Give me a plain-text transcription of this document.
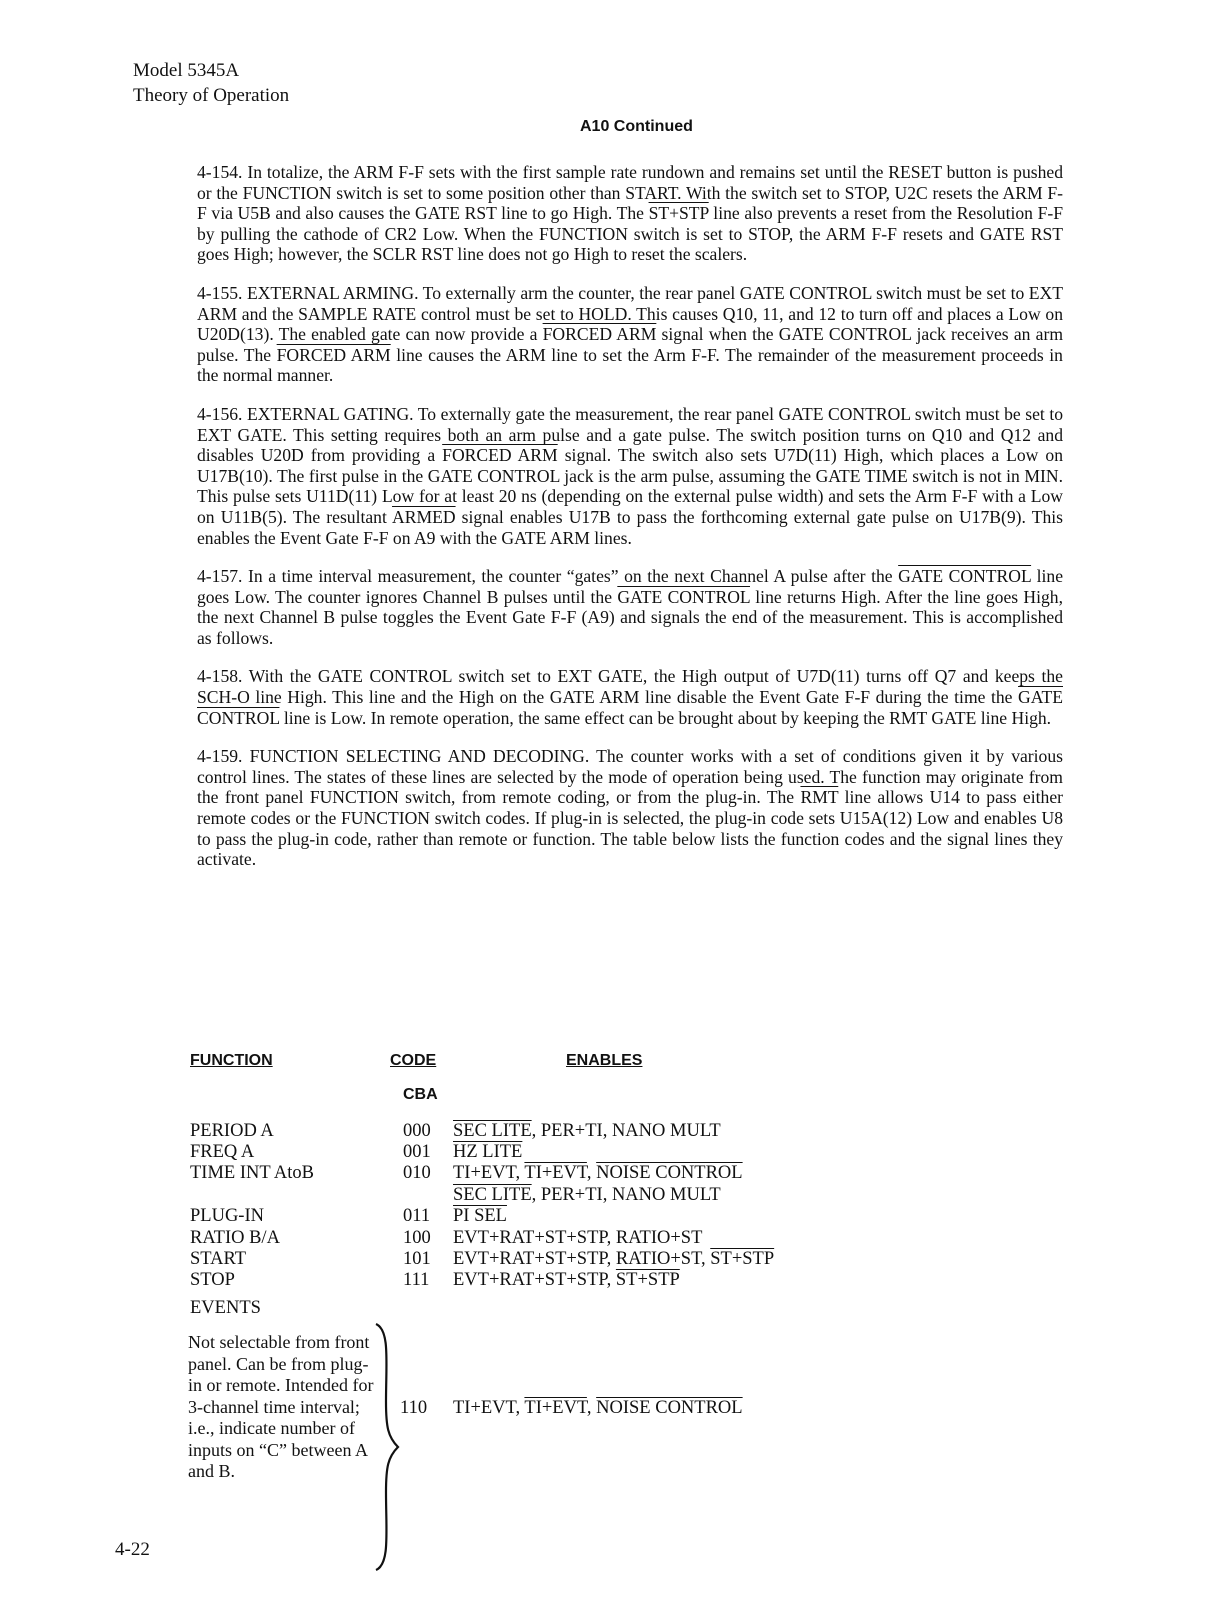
Model 5345A
Theory of Operation
A10 Continued

4-154. In totalize, the ARM F-F sets with the first sample rate rundown and remains set until the RESET button is pushed or the FUNCTION switch is set to some position other than START. With the switch set to STOP, U2C resets the ARM F-F via U5B and also causes the GATE RST line to go High. The ST+STP line also prevents a reset from the Resolution F-F by pulling the cathode of CR2 Low. When the FUNCTION switch is set to STOP, the ARM F-F resets and GATE RST goes High; however, the SCLR RST line does not go High to reset the scalers.

4-155. EXTERNAL ARMING. To externally arm the counter, the rear panel GATE CONTROL switch must be set to EXT ARM and the SAMPLE RATE control must be set to HOLD. This causes Q10, 11, and 12 to turn off and places a Low on U20D(13). The enabled gate can now provide a FORCED ARM signal when the GATE CONTROL jack receives an arm pulse. The FORCED ARM line causes the ARM line to set the Arm F-F. The remainder of the measurement proceeds in the normal manner.

4-156. EXTERNAL GATING. To externally gate the measurement, the rear panel GATE CONTROL switch must be set to EXT GATE. This setting requires both an arm pulse and a gate pulse. The switch position turns on Q10 and Q12 and disables U20D from providing a FORCED ARM signal. The switch also sets U7D(11) High, which places a Low on U17B(10). The first pulse in the GATE CONTROL jack is the arm pulse, assuming the GATE TIME switch is not in MIN. This pulse sets U11D(11) Low for at least 20 ns (depending on the external pulse width) and sets the Arm F-F with a Low on U11B(5). The resultant ARMED signal enables U17B to pass the forthcoming external gate pulse on U17B(9). This enables the Event Gate F-F on A9 with the GATE ARM lines.

4-157. In a time interval measurement, the counter “gates” on the next Channel A pulse after the GATE CONTROL line goes Low. The counter ignores Channel B pulses until the GATE CONTROL line returns High. After the line goes High, the next Channel B pulse toggles the Event Gate F-F (A9) and signals the end of the measurement. This is accomplished as follows.

4-158. With the GATE CONTROL switch set to EXT GATE, the High output of U7D(11) turns off Q7 and keeps the SCH-O line High. This line and the High on the GATE ARM line disable the Event Gate F-F during the time the GATE CONTROL line is Low. In remote operation, the same effect can be brought about by keeping the RMT GATE line High.

4-159. FUNCTION SELECTING AND DECODING. The counter works with a set of conditions given it by various control lines. The states of these lines are selected by the mode of operation being used. The function may originate from the front panel FUNCTION switch, from remote coding, or from the plug-in. The $\overline{RMT}$ line allows U14 to pass either remote codes or the FUNCTION switch codes. If plug-in is selected, the plug-in code sets U15A(12) Low and enables U8 to pass the plug-in code, rather than remote or function. The table below lists the function codes and the signal lines they activate.

FUNCTION	CODE	ENABLES
CBA
PERIOD A	000 SEC LITE, PER+TI, NANO MULT
FREQ A	001 HZ LITE
TIME INT AtoB	010 TI+EVT, TI+EVT, NOISE CONTROL
SEC LITE, PER+TI, NANO MULT
PLUG-IN	011 PI SEL
RATIO B/A	100 EVT+RAT+ST+STP, RATIO+ST
START	101 EVT+RAT+ST+STP, RATIO+ST, ST+STP
STOP	111 EVT+RAT+ST+STP, ST+STP
EVENTS
Not selectable from front panel. Can be from plug-in or remote. Intended for 3-channel time interval; i.e., indicate number of inputs on “C” between A and B.
110 TI+EVT, TI+EVT, NOISE CONTROL
4-22
